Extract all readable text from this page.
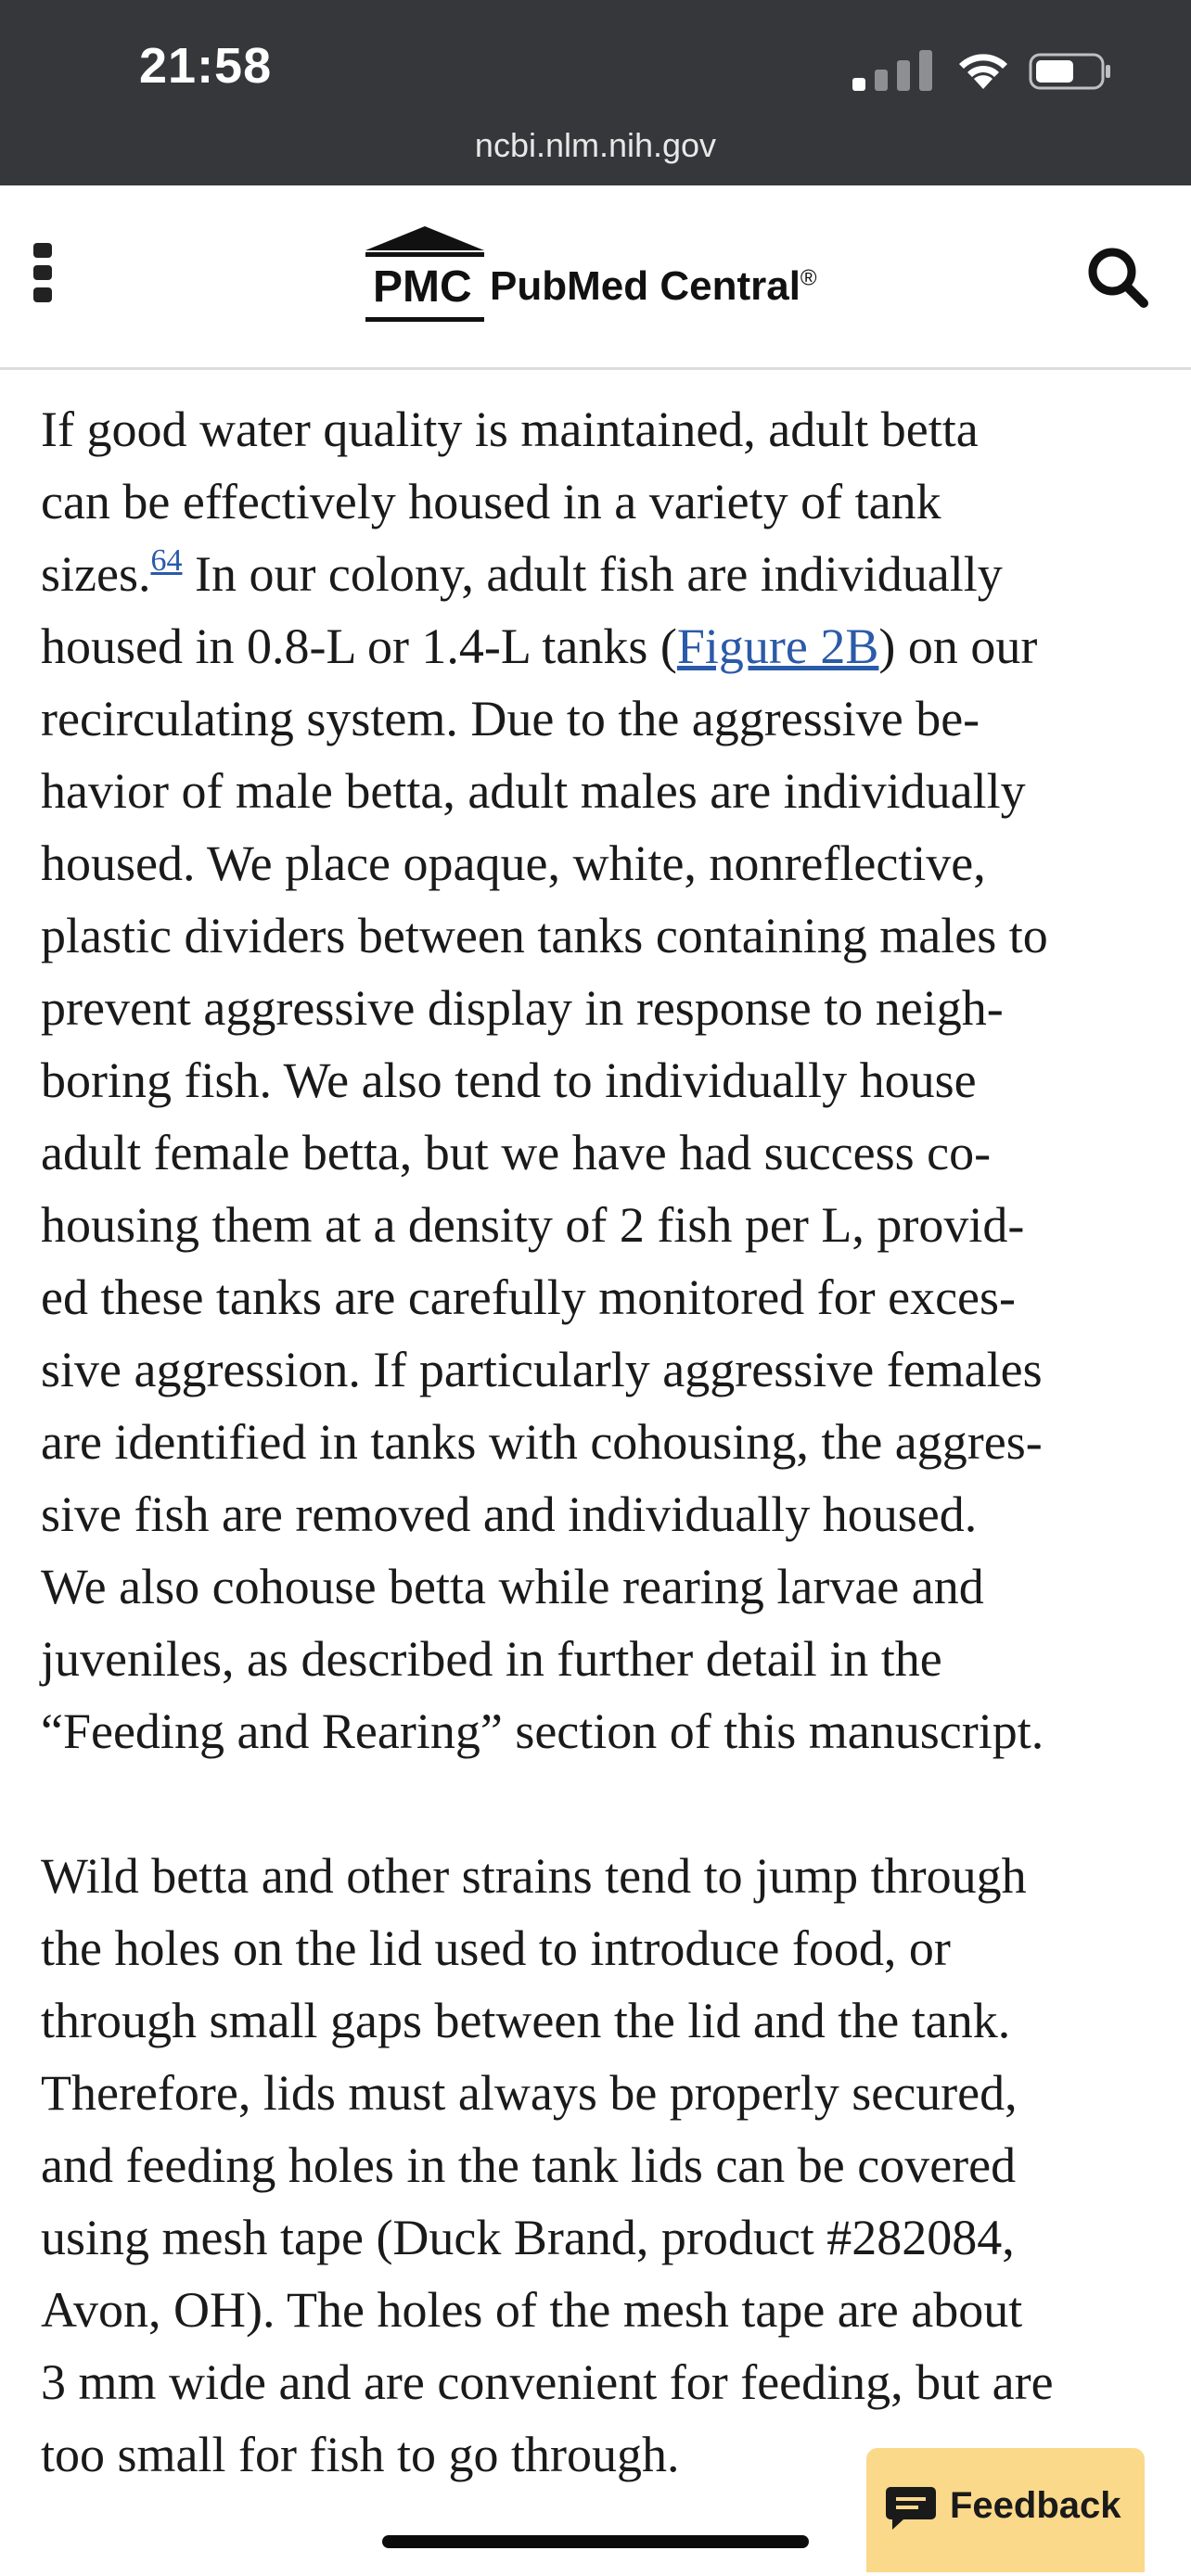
21:58
ncbi.nlm.nih.gov
PMC PubMed Central®

If good water quality is maintained, adult betta

can be effectively housed in a variety of tank

sizes.$^{64}$ In our colony, adult fish are individually

housed in 0.8-L or 1.4-L tanks (Figure 2B) on our

recirculating system. Due to the aggressive be-

havior of male betta, adult males are individually

housed. We place opaque, white, nonreflective,

plastic dividers between tanks containing males to

prevent aggressive display in response to neigh-

boring fish. We also tend to individually house

adult female betta, but we have had success co-

housing them at a density of 2 fish per L, provid-

ed these tanks are carefully monitored for exces-

sive aggression. If particularly aggressive females

are identified in tanks with cohousing, the aggres-

sive fish are removed and individually housed.

We also cohouse betta while rearing larvae and

juveniles, as described in further detail in the

“Feeding and Rearing” section of this manuscript.

Wild betta and other strains tend to jump through

the holes on the lid used to introduce food, or

through small gaps between the lid and the tank.

Therefore, lids must always be properly secured,

and feeding holes in the tank lids can be covered

using mesh tape (Duck Brand, product #282084,

Avon, OH). The holes of the mesh tape are about

3 mm wide and are convenient for feeding, but are

too small for fish to go through.

Feedback
